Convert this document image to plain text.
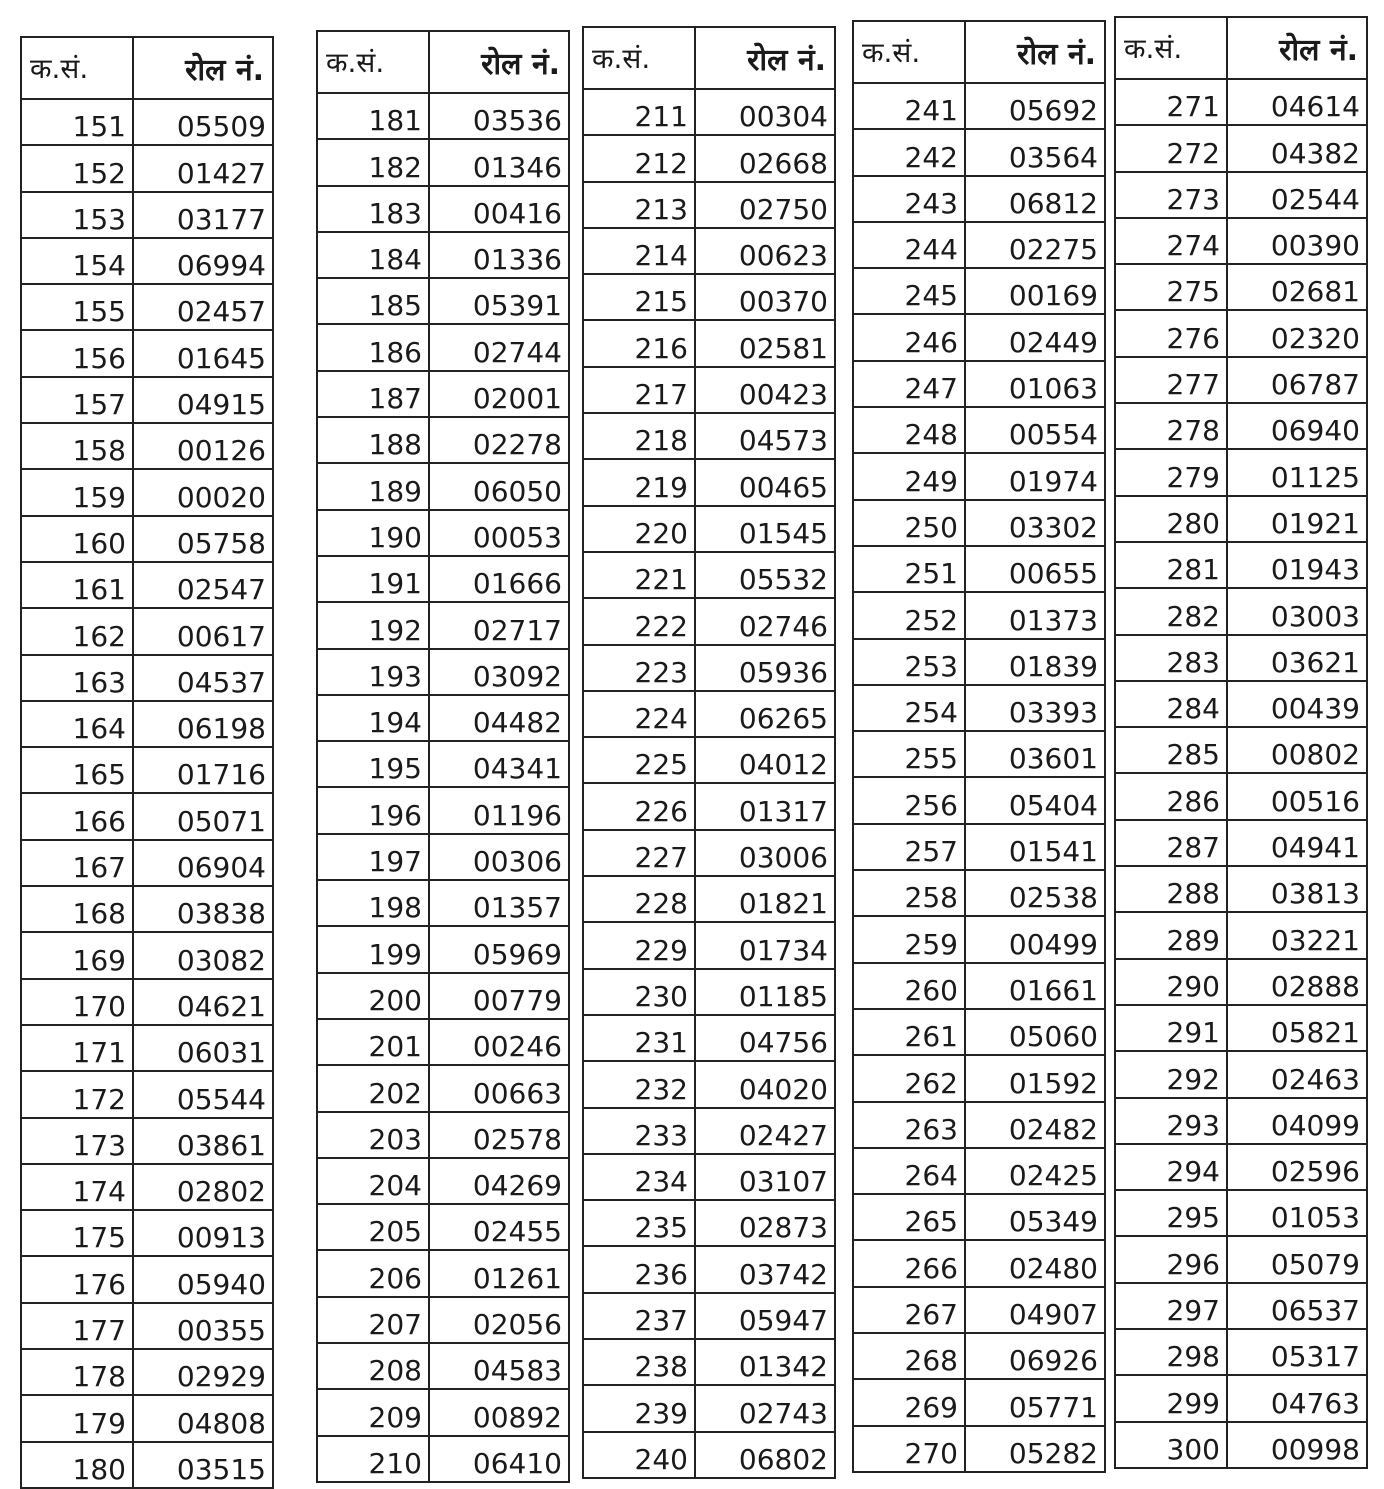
क.सं.	रोल नं.
151	05509
152	01427
153	03177
154	06994
155	02457
156	01645
157	04915
158	00126
159	00020
160	05758
161	02547
162	00617
163	04537
164	06198
165	01716
166	05071
167	06904
168	03838
169	03082
170	04621
171	06031
172	05544
173	03861
174	02802
175	00913
176	05940
177	00355
178	02929
179	04808
180	03515
क.सं.	रोल नं.
181	03536
182	01346
183	00416
184	01336
185	05391
186	02744
187	02001
188	02278
189	06050
190	00053
191	01666
192	02717
193	03092
194	04482
195	04341
196	01196
197	00306
198	01357
199	05969
200	00779
201	00246
202	00663
203	02578
204	04269
205	02455
206	01261
207	02056
208	04583
209	00892
210	06410
क.सं.	रोल नं.
211	00304
212	02668
213	02750
214	00623
215	00370
216	02581
217	00423
218	04573
219	00465
220	01545
221	05532
222	02746
223	05936
224	06265
225	04012
226	01317
227	03006
228	01821
229	01734
230	01185
231	04756
232	04020
233	02427
234	03107
235	02873
236	03742
237	05947
238	01342
239	02743
240	06802
क.सं.	रोल नं.
241	05692
242	03564
243	06812
244	02275
245	00169
246	02449
247	01063
248	00554
249	01974
250	03302
251	00655
252	01373
253	01839
254	03393
255	03601
256	05404
257	01541
258	02538
259	00499
260	01661
261	05060
262	01592
263	02482
264	02425
265	05349
266	02480
267	04907
268	06926
269	05771
270	05282
क.सं.	रोल नं.
271	04614
272	04382
273	02544
274	00390
275	02681
276	02320
277	06787
278	06940
279	01125
280	01921
281	01943
282	03003
283	03621
284	00439
285	00802
286	00516
287	04941
288	03813
289	03221
290	02888
291	05821
292	02463
293	04099
294	02596
295	01053
296	05079
297	06537
298	05317
299	04763
300	00998
